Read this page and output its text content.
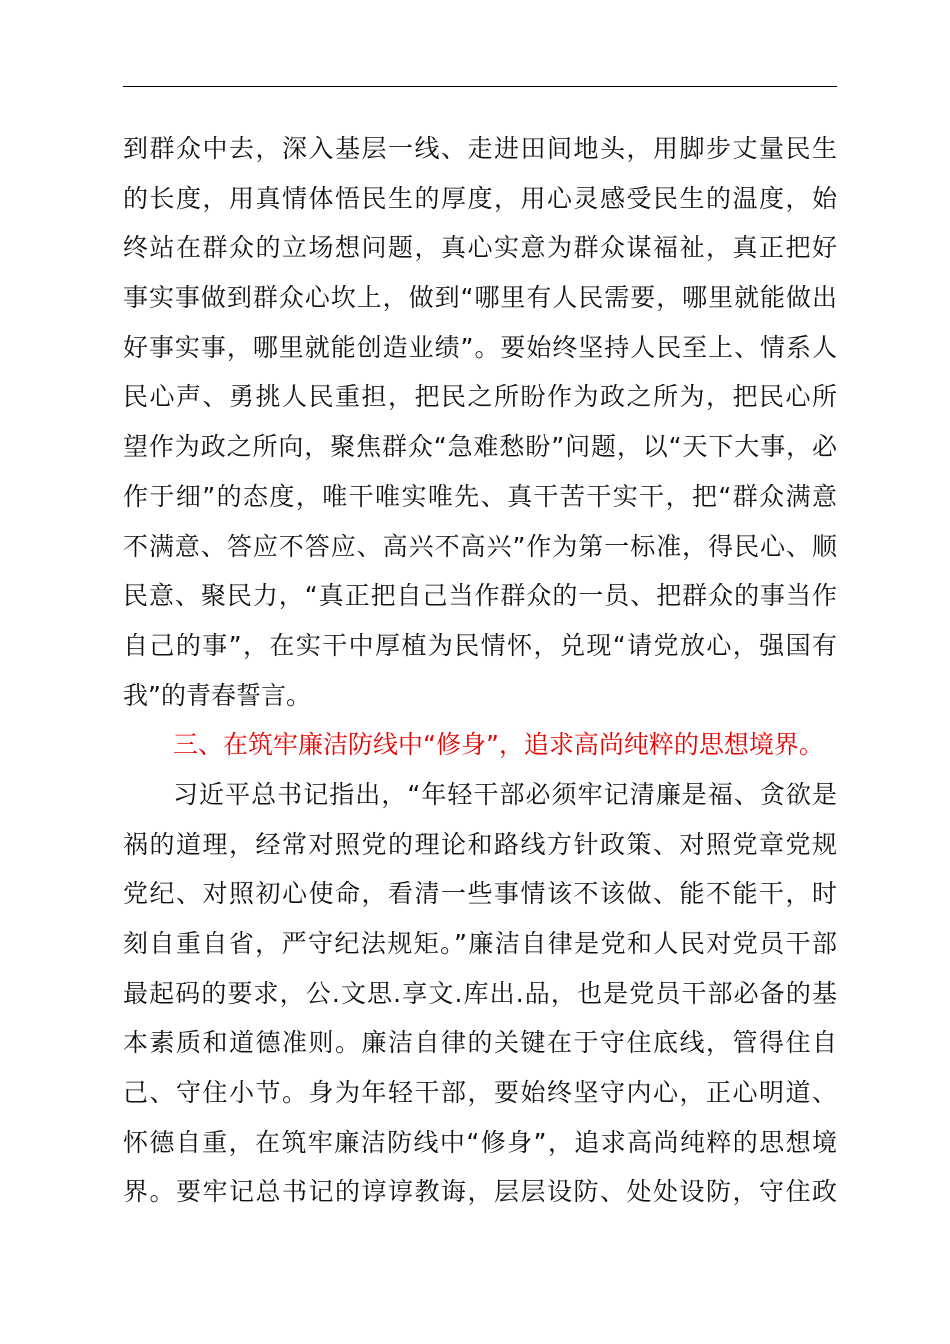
到群众中去，深入基层一线、走进田间地头，用脚步丈量民生
的长度，用真情体悟民生的厚度，用心灵感受民生的温度，始
终站在群众的立场想问题，真心实意为群众谋福祉，真正把好
事实事做到群众心坎上，做到“哪里有人民需要，哪里就能做出
好事实事，哪里就能创造业绩”。要始终坚持人民至上、情系人
民心声、勇挑人民重担，把民之所盼作为政之所为，把民心所
望作为政之所向，聚焦群众“急难愁盼”问题，以“天下大事，必
作于细”的态度，唯干唯实唯先、真干苦干实干，把“群众满意
不满意、答应不答应、高兴不高兴”作为第一标准，得民心、顺
民意、聚民力，“真正把自己当作群众的一员、把群众的事当作
自己的事”，在实干中厚植为民情怀，兑现“请党放心，强国有
我”的青春誓言。
三、在筑牢廉洁防线中“修身”，追求高尚纯粹的思想境界。
习近平总书记指出，“年轻干部必须牢记清廉是福、贪欲是
祸的道理，经常对照党的理论和路线方针政策、对照党章党规
党纪、对照初心使命，看清一些事情该不该做、能不能干，时
刻自重自省，严守纪法规矩。”廉洁自律是党和人民对党员干部
最起码的要求，公.文思.享文.库出.品，也是党员干部必备的基
本素质和道德准则。廉洁自律的关键在于守住底线，管得住自
己、守住小节。身为年轻干部，要始终坚守内心，正心明道、
怀德自重，在筑牢廉洁防线中“修身”，追求高尚纯粹的思想境
界。要牢记总书记的谆谆教诲，层层设防、处处设防，守住政
